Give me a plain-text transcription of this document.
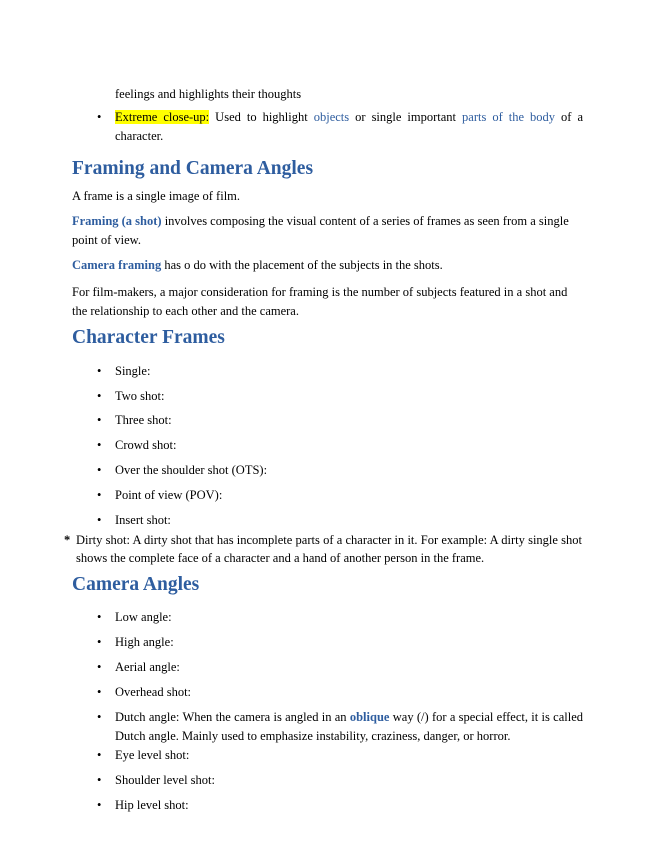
feelings and highlights their thoughts
•	Extreme close-up: Used to highlight objects or single important parts of the body of a character.
Framing and Camera Angles
A frame is a single image of film.
Framing (a shot) involves composing the visual content of a series of frames as seen from a single point of view.
Camera framing has o do with the placement of the subjects in the shots.
For film-makers, a major consideration for framing is the number of subjects featured in a shot and the relationship to each other and the camera.
Character Frames
•	Single:
•	Two shot:
•	Three shot:
•	Crowd shot:
•	Over the shoulder shot (OTS):
•	Point of view (POV):
•	Insert shot:
* Dirty shot: A dirty shot that has incomplete parts of a character in it. For example: A dirty single shot shows the complete face of a character and a hand of another person in the frame.
Camera Angles
•	Low angle:
•	High angle:
•	Aerial angle:
•	Overhead shot:
•	Dutch angle: When the camera is angled in an oblique way (/) for a special effect, it is called Dutch angle. Mainly used to emphasize instability, craziness, danger, or horror.
•	Eye level shot:
•	Shoulder level shot:
•	Hip level shot:
